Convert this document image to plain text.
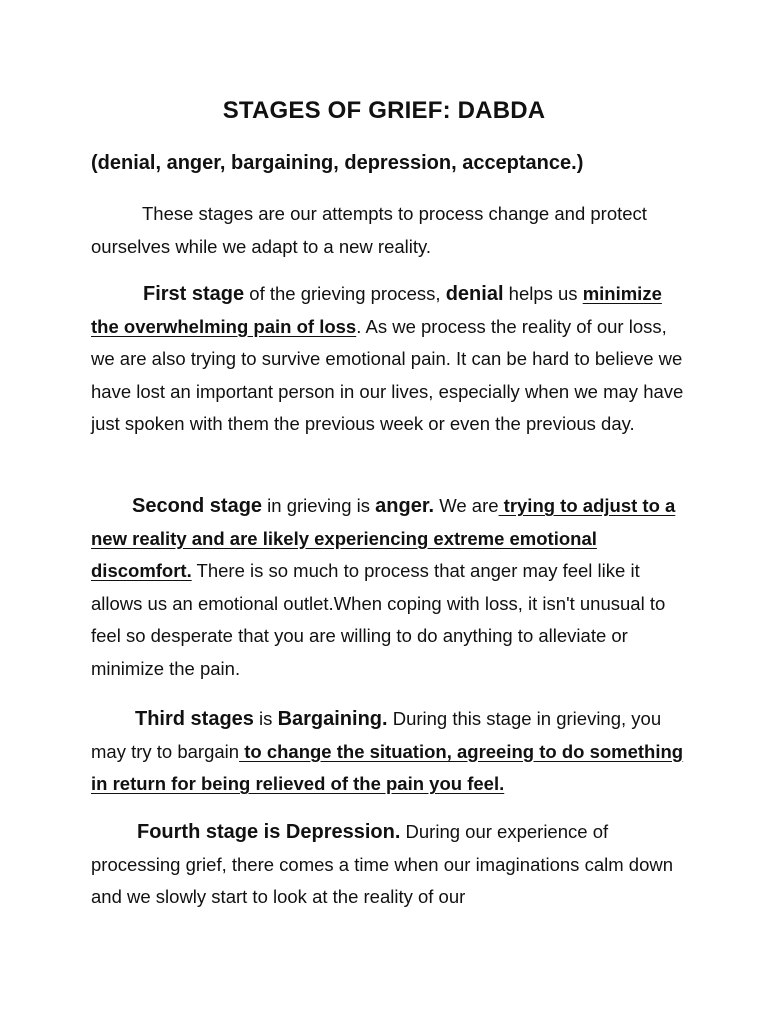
STAGES OF GRIEF: DABDA
(denial, anger, bargaining, depression, acceptance.)

These stages are our attempts to process change and protect ourselves while we adapt to a new reality.

First stage of the grieving process, denial helps us minimize the overwhelming pain of loss. As we process the reality of our loss, we are also trying to survive emotional pain. It can be hard to believe we have lost an important person in our lives, especially when we may have just spoken with them the previous week or even the previous day.

Second stage in grieving is anger. We are trying to adjust to a new reality and are likely experiencing extreme emotional discomfort. There is so much to process that anger may feel like it allows us an emotional outlet.When coping with loss, it isn't unusual to feel so desperate that you are willing to do anything to alleviate or minimize the pain.

Third stages is Bargaining. During this stage in grieving, you may try to bargain to change the situation, agreeing to do something in return for being relieved of the pain you feel.

Fourth stage is Depression. During our experience of processing grief, there comes a time when our imaginations calm down and we slowly start to look at the reality of our
